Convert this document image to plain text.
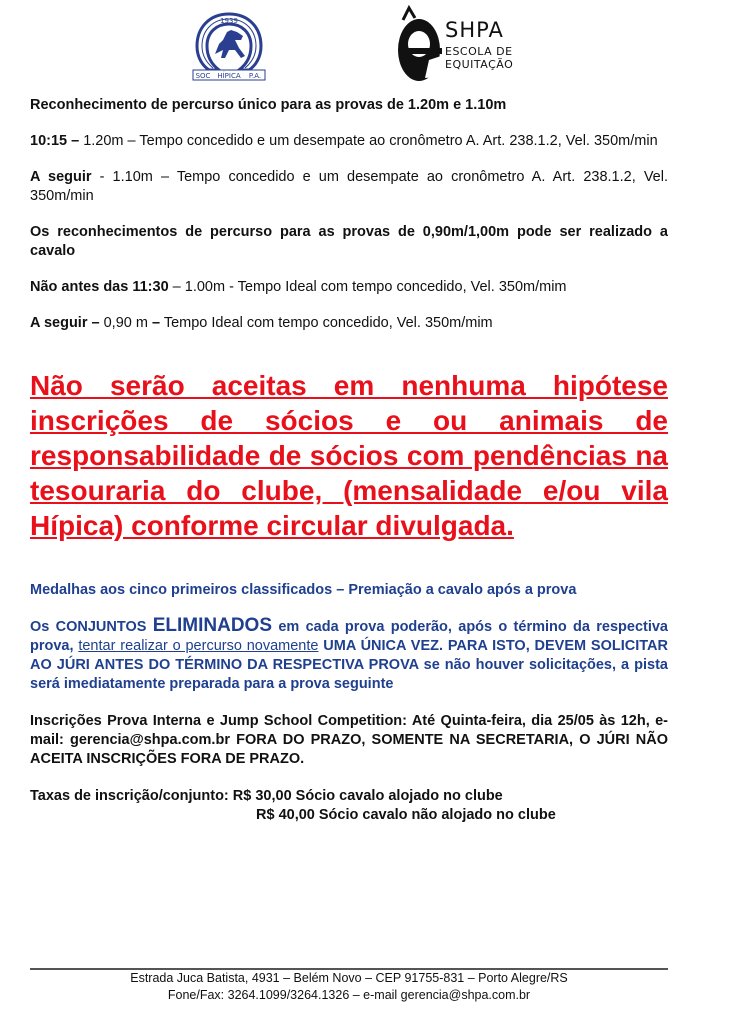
1939
SOC HÍPICA P.A.
SHPA
ESCOLA DE
EQUITAÇÃO

Reconhecimento de percurso único para as provas de 1.20m e 1.10m

10:15 – 1.20m – Tempo concedido e um desempate ao cronômetro A. Art. 238.1.2, Vel. 350m/min

A seguir - 1.10m – Tempo concedido e um desempate ao cronômetro A. Art. 238.1.2, Vel. 350m/min

Os reconhecimentos de percurso para as provas de 0,90m/1,00m pode ser realizado a cavalo

Não antes das 11:30 – 1.00m - Tempo Ideal com tempo concedido, Vel. 350m/mim

A seguir – 0,90 m – Tempo Ideal com tempo concedido, Vel. 350m/mim

Não serão aceitas em nenhuma hipótese inscrições de sócios e ou animais de responsabilidade de sócios com pendências na tesouraria do clube, (mensalidade e/ou vila Hípica) conforme circular divulgada.

Medalhas aos cinco primeiros classificados – Premiação a cavalo após a prova

Os CONJUNTOS ELIMINADOS em cada prova poderão, após o término da respectiva prova, tentar realizar o percurso novamente UMA ÚNICA VEZ. PARA ISTO, DEVEM SOLICITAR AO JÚRI ANTES DO TÉRMINO DA RESPECTIVA PROVA se não houver solicitações, a pista será imediatamente preparada para a prova seguinte

Inscrições Prova Interna e Jump School Competition: Até Quinta-feira, dia 25/05 às 12h, e-mail: gerencia@shpa.com.br FORA DO PRAZO, SOMENTE NA SECRETARIA, O JÚRI NÃO ACEITA INSCRIÇÕES FORA DE PRAZO.

Taxas de inscrição/conjunto: R$ 30,00 Sócio cavalo alojado no clube

R$ 40,00 Sócio cavalo não alojado no clube

Estrada Juca Batista, 4931 – Belém Novo – CEP 91755-831 – Porto Alegre/RS
Fone/Fax: 3264.1099/3264.1326 – e-mail gerencia@shpa.com.br
